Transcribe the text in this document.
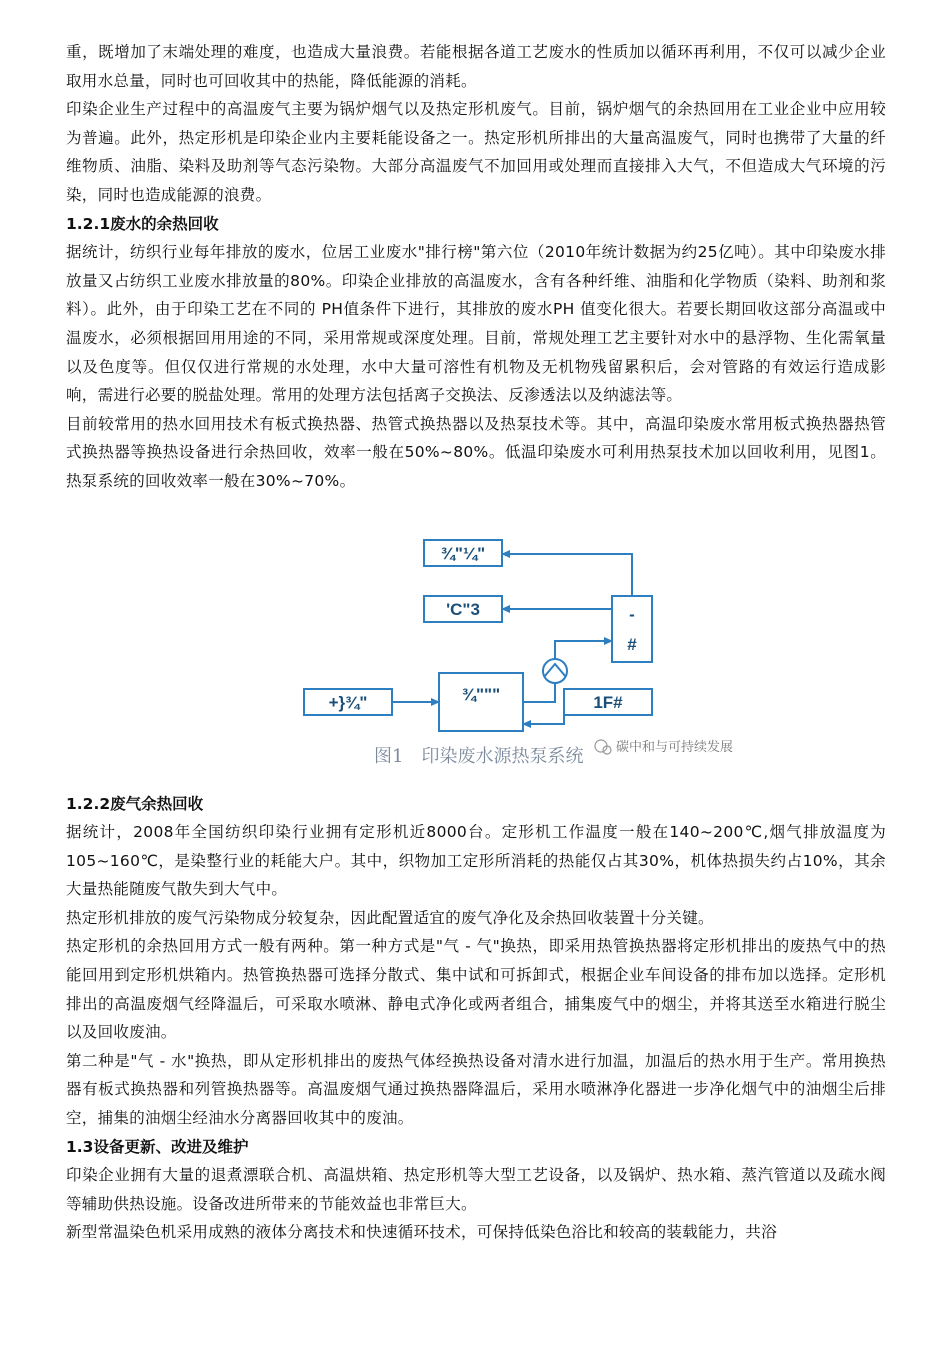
重，既增加了末端处理的难度，也造成大量浪费。若能根据各道工艺废水的性质加以循环再利用，不仅可以减少企业取用水总量，同时也可回收其中的热能，降低能源的消耗。

印染企业生产过程中的高温废气主要为锅炉烟气以及热定形机废气。目前，锅炉烟气的余热回用在工业企业中应用较为普遍。此外，热定形机是印染企业内主要耗能设备之一。热定形机所排出的大量高温废气，同时也携带了大量的纤维物质、油脂、染料及助剂等气态污染物。大部分高温废气不加回用或处理而直接排入大气，不但造成大气环境的污染，同时也造成能源的浪费。

1.2.1废水的余热回收

据统计，纺织行业每年排放的废水，位居工业废水"排行榜"第六位（2010年统计数据为约25亿吨）。其中印染废水排放量又占纺织工业废水排放量的80%。印染企业排放的高温废水，含有各种纤维、油脂和化学物质（染料、助剂和浆料）。此外，由于印染工艺在不同的 PH值条件下进行，其排放的废水PH 值变化很大。若要长期回收这部分高温或中温废水，必须根据回用用途的不同，采用常规或深度处理。目前，常规处理工艺主要针对水中的悬浮物、生化需氧量以及色度等。但仅仅进行常规的水处理，水中大量可溶性有机物及无机物残留累积后，会对管路的有效运行造成影响，需进行必要的脱盐处理。常用的处理方法包括离子交换法、反渗透法以及纳滤法等。

目前较常用的热水回用技术有板式换热器、热管式换热器以及热泵技术等。其中，高温印染废水常用板式换热器热管式换热器等换热设备进行余热回收，效率一般在50%~80%。低温印染废水可利用热泵技术加以回收利用，见图1。热泵系统的回收效率一般在30%~70%。

¾"¼"
'C"3	-
#
+}¾"	¾"""	1F#
图1　印染废水源热泵系统	碳中和与可持续发展
1.2.2废气余热回收

据统计，2008年全国纺织印染行业拥有定形机近8000台。定形机工作温度一般在140~200℃,烟气排放温度为105~160℃，是染整行业的耗能大户。其中，织物加工定形所消耗的热能仅占其30%，机体热损失约占10%，其余大量热能随废气散失到大气中。

热定形机排放的废气污染物成分较复杂，因此配置适宜的废气净化及余热回收装置十分关键。

热定形机的余热回用方式一般有两种。第一种方式是"气 - 气"换热，即采用热管换热器将定形机排出的废热气中的热能回用到定形机烘箱内。热管换热器可选择分散式、集中试和可拆卸式，根据企业车间设备的排布加以选择。定形机排出的高温废烟气经降温后，可采取水喷淋、静电式净化或两者组合，捕集废气中的烟尘，并将其送至水箱进行脱尘以及回收废油。

第二种是"气 - 水"换热，即从定形机排出的废热气体经换热设备对清水进行加温，加温后的热水用于生产。常用换热器有板式换热器和列管换热器等。高温废烟气通过换热器降温后，采用水喷淋净化器进一步净化烟气中的油烟尘后排空，捕集的油烟尘经油水分离器回收其中的废油。

1.3设备更新、改进及维护

印染企业拥有大量的退煮漂联合机、高温烘箱、热定形机等大型工艺设备，以及锅炉、热水箱、蒸汽管道以及疏水阀等辅助供热设施。设备改进所带来的节能效益也非常巨大。

新型常温染色机采用成熟的液体分离技术和快速循环技术，可保持低染色浴比和较高的装载能力，共浴
